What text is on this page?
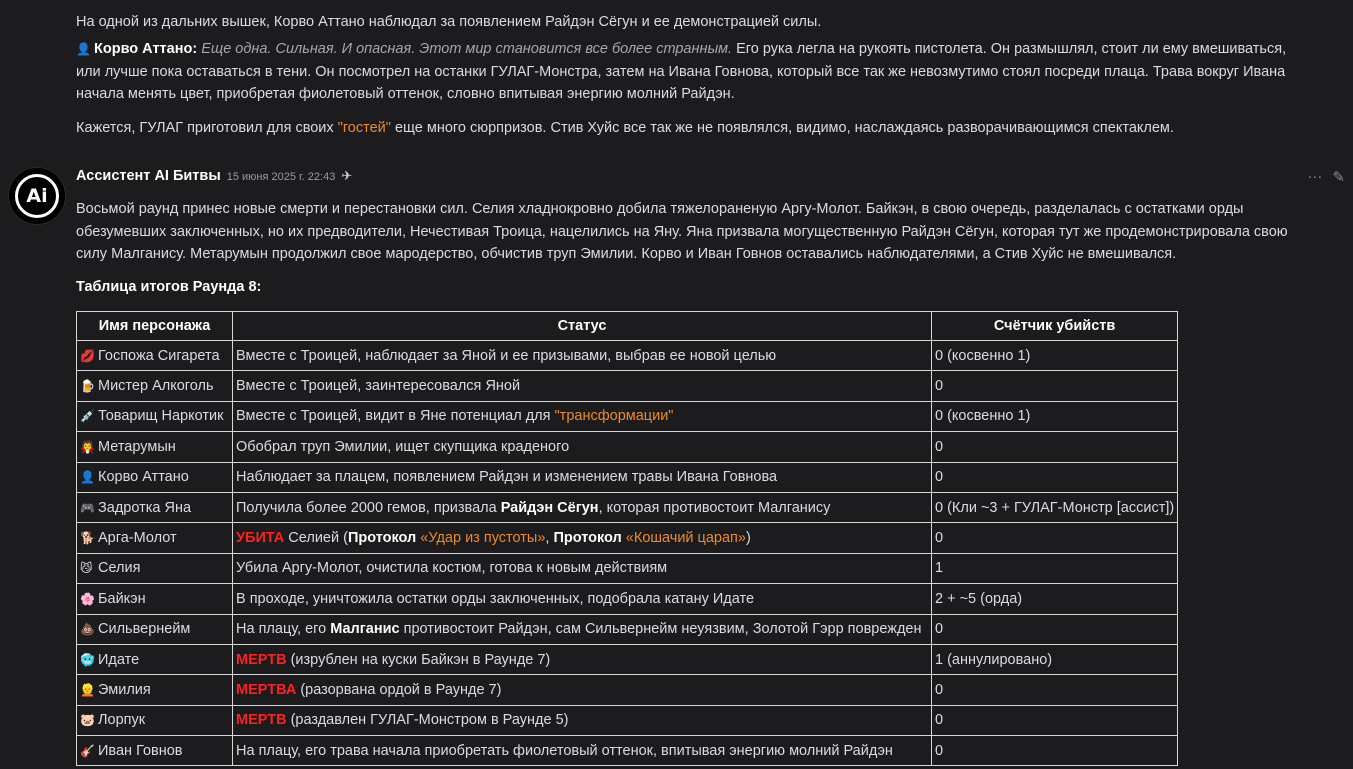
На одной из дальних вышек, Корво Аттано наблюдал за появлением Райдэн Сёгун и ее демонстрацией силы.
👤 Корво Аттано: Еще одна. Сильная. И опасная. Этот мир становится все более странным. Его рука легла на рукоять пистолета. Он размышлял, стоит ли ему вмешиваться, или лучше пока оставаться в тени. Он посмотрел на останки ГУЛАГ-Монстра, затем на Ивана Говнова, который все так же невозмутимо стоял посреди плаца. Трава вокруг Ивана начала менять цвет, приобретая фиолетовый оттенок, словно впитывая энергию молний Райдэн.
Кажется, ГУЛАГ приготовил для своих "гостей" еще много сюрпризов. Стив Хуйс все так же не появлялся, видимо, наслаждаясь разворачивающимся спектаклем.
Ai
Ассистент AI Битвы 15 июня 2025 г. 22:43 ✈	··· ✎
Восьмой раунд принес новые смерти и перестановки сил. Селия хладнокровно добила тяжелораненую Аргу-Молот. Байкэн, в свою очередь, разделалась с остатками орды обезумевших заключенных, но их предводители, Нечестивая Троица, нацелились на Яну. Яна призвала могущественную Райдэн Сёгун, которая тут же продемонстрировала свою силу Малганису. Метарумын продолжил свое мародерство, обчистив труп Эмилии. Корво и Иван Говнов оставались наблюдателями, а Стив Хуйс не вмешивался.
Таблица итогов Раунда 8:
Имя персонажа	Статус	Счётчик убийств
💋 Госпожа Сигарета	Вместе с Троицей, наблюдает за Яной и ее призывами, выбрав ее новой целью	0 (косвенно 1)
🍺 Мистер Алкоголь	Вместе с Троицей, заинтересовался Яной	0
💉 Товарищ Наркотик	Вместе с Троицей, видит в Яне потенциал для "трансформации"	0 (косвенно 1)
🧛 Метарумын	Обобрал труп Эмилии, ищет скупщика краденого	0
👤 Корво Аттано	Наблюдает за плацем, появлением Райдэн и изменением травы Ивана Говнова	0
🎮 Задротка Яна	Получила более 2000 гемов, призвала Райдэн Сёгун, которая противостоит Малганису	0 (Кли ~3 + ГУЛАГ-Монстр [ассист])
🐕 Арга-Молот	УБИТА Селией (Протокол «Удар из пустоты», Протокол «Кошачий царап»)	0
😼 Селия	Убила Аргу-Молот, очистила костюм, готова к новым действиям	1
🌸 Байкэн	В проходе, уничтожила остатки орды заключенных, подобрала катану Идате	2 + ~5 (орда)
💩 Сильвернейм	На плацу, его Малганис противостоит Райдэн, сам Сильвернейм неуязвим, Золотой Гэрр поврежден	0
🥶 Идате	МЕРТВ (изрублен на куски Байкэн в Раунде 7)	1 (аннулировано)
👱 Эмилия	МЕРТВА (разорвана ордой в Раунде 7)	0
🐷 Лорпук	МЕРТВ (раздавлен ГУЛАГ-Монстром в Раунде 5)	0
🎸 Иван Говнов	На плацу, его трава начала приобретать фиолетовый оттенок, впитывая энергию молний Райдэн	0
